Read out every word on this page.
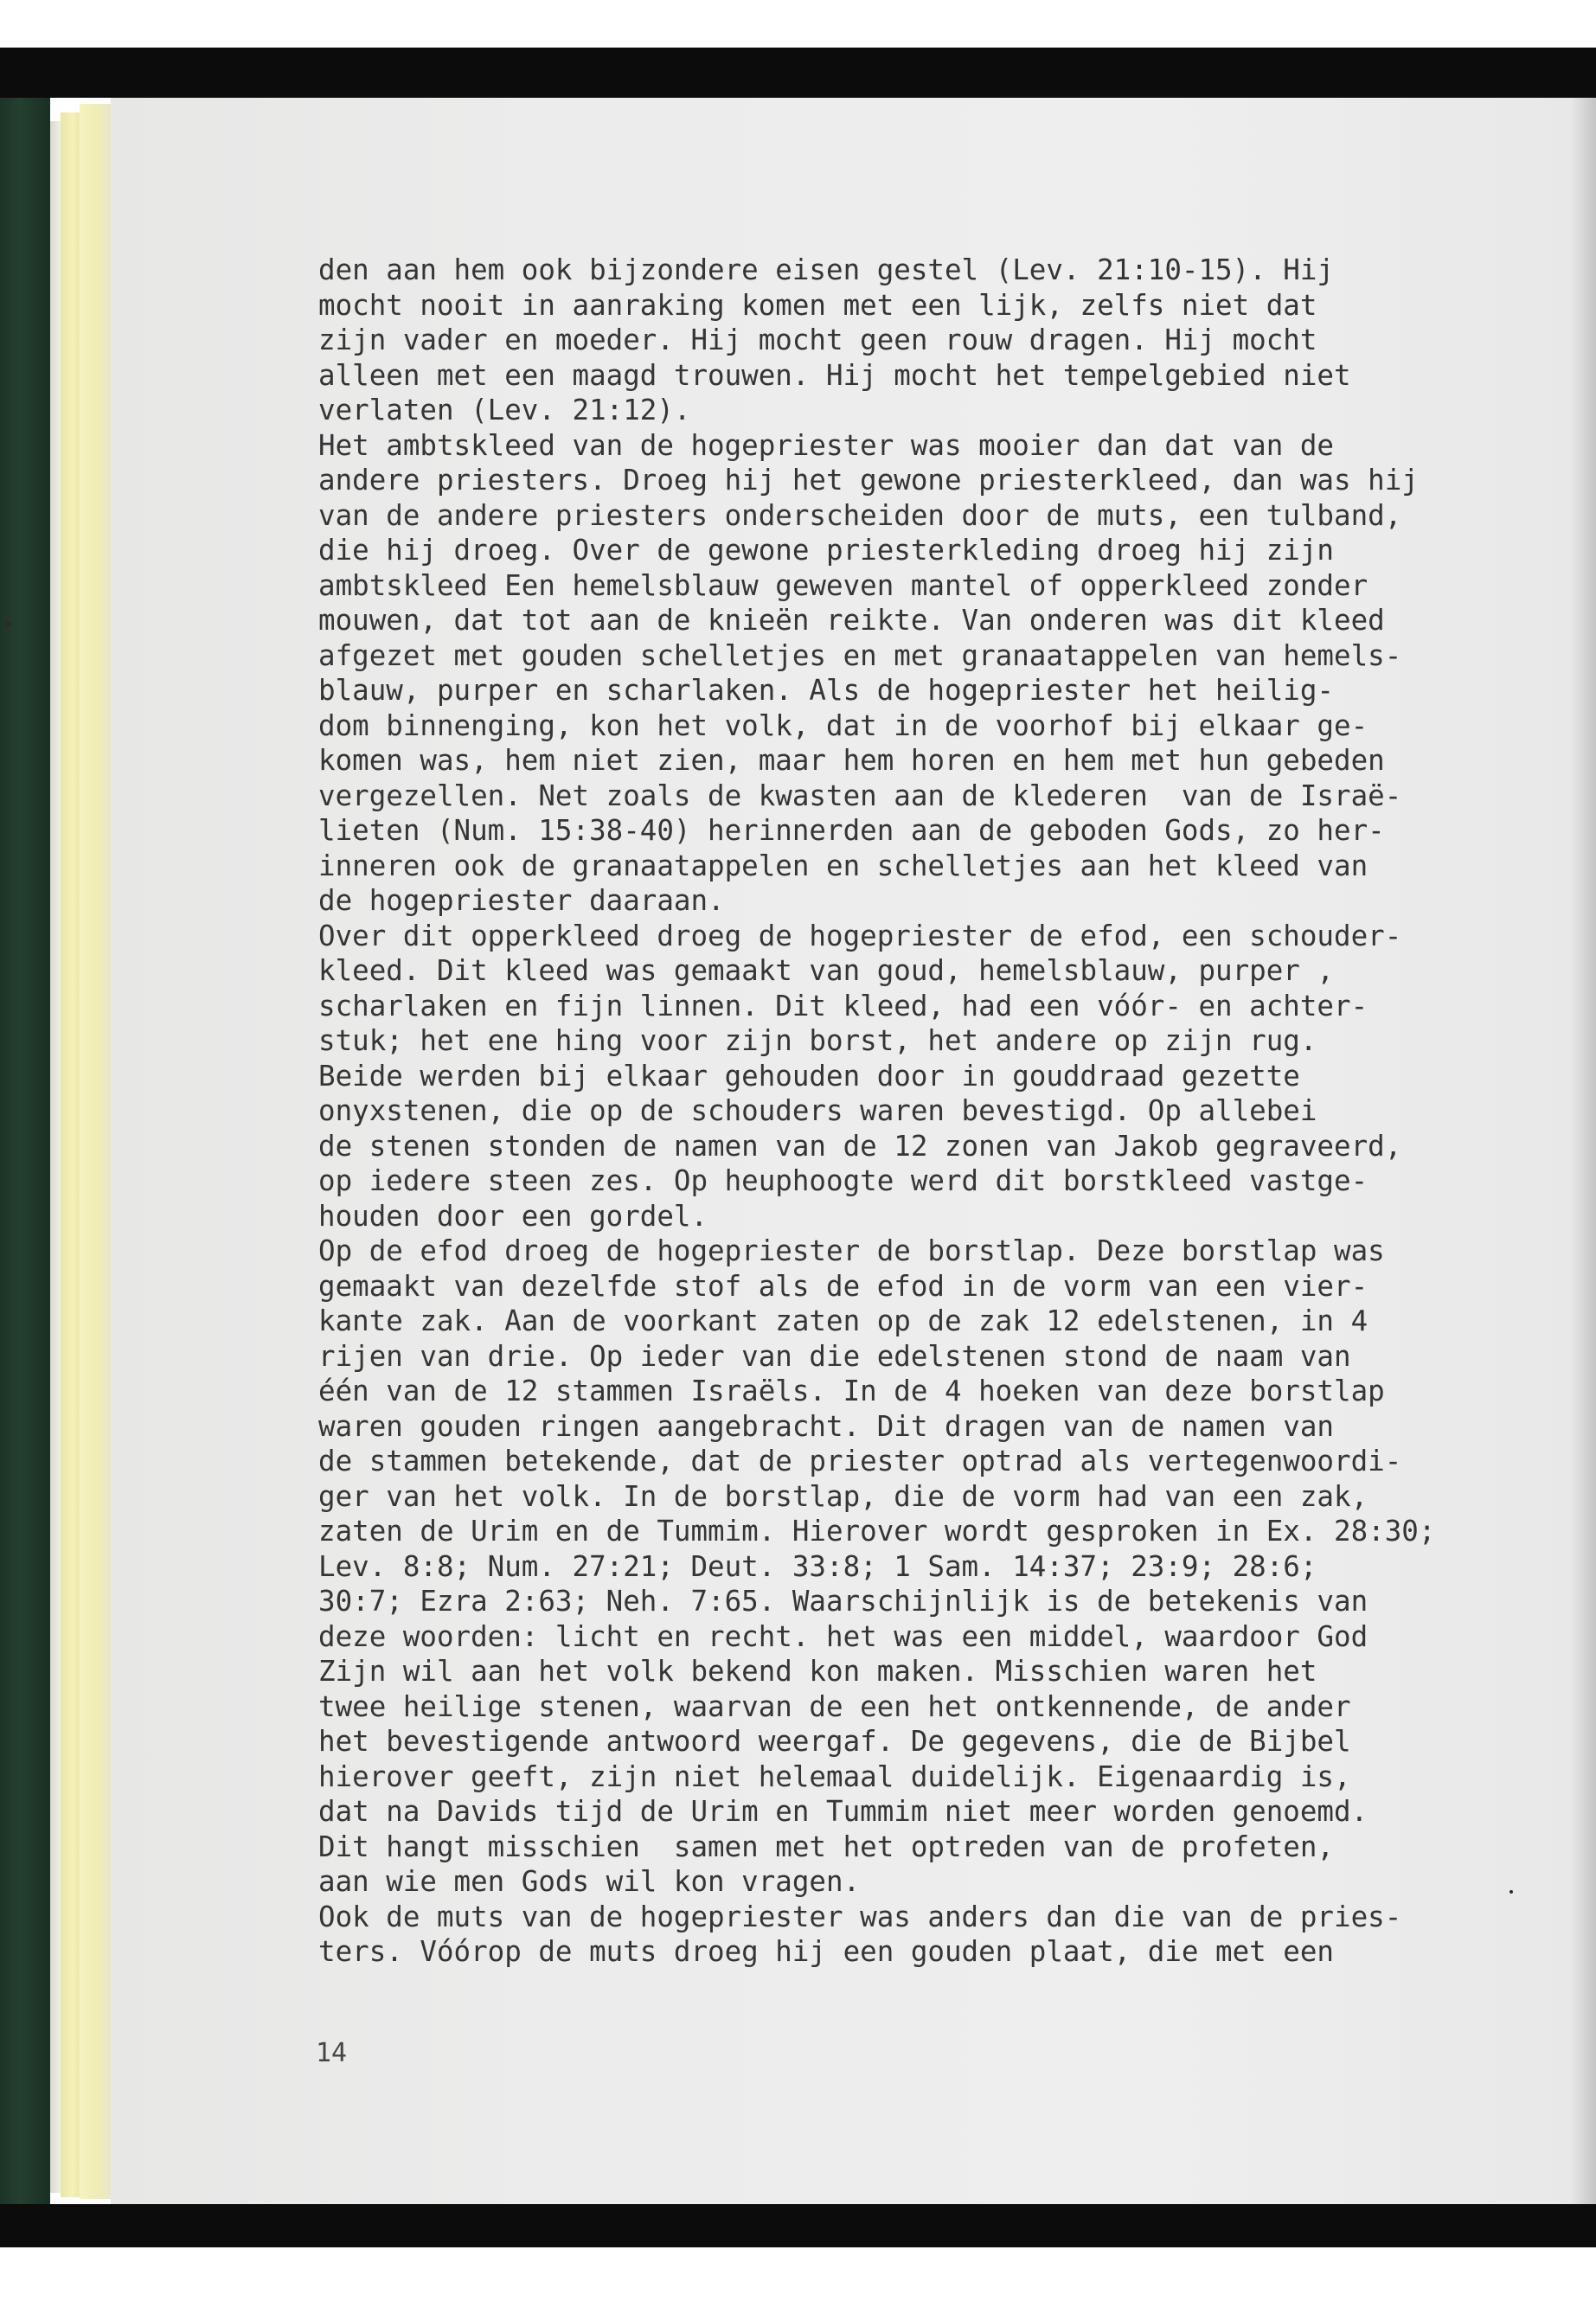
den aan hem ook bijzondere eisen gestel (Lev. 21:10-15). Hij
mocht nooit in aanraking komen met een lijk, zelfs niet dat
zijn vader en moeder. Hij mocht geen rouw dragen. Hij mocht
alleen met een maagd trouwen. Hij mocht het tempelgebied niet
verlaten (Lev. 21:12).
Het ambtskleed van de hogepriester was mooier dan dat van de
andere priesters. Droeg hij het gewone priesterkleed, dan was hij
van de andere priesters onderscheiden door de muts, een tulband,
die hij droeg. Over de gewone priesterkleding droeg hij zijn
ambtskleed Een hemelsblauw geweven mantel of opperkleed zonder
mouwen, dat tot aan de knieën reikte. Van onderen was dit kleed
afgezet met gouden schelletjes en met granaatappelen van hemels-
blauw, purper en scharlaken. Als de hogepriester het heilig-
dom binnenging, kon het volk, dat in de voorhof bij elkaar ge-
komen was, hem niet zien, maar hem horen en hem met hun gebeden
vergezellen. Net zoals de kwasten aan de klederen  van de Israë-
lieten (Num. 15:38-40) herinnerden aan de geboden Gods, zo her-
inneren ook de granaatappelen en schelletjes aan het kleed van
de hogepriester daaraan.
Over dit opperkleed droeg de hogepriester de efod, een schouder-
kleed. Dit kleed was gemaakt van goud, hemelsblauw, purper ,
scharlaken en fijn linnen. Dit kleed, had een vóór- en achter-
stuk; het ene hing voor zijn borst, het andere op zijn rug.
Beide werden bij elkaar gehouden door in gouddraad gezette
onyxstenen, die op de schouders waren bevestigd. Op allebei
de stenen stonden de namen van de 12 zonen van Jakob gegraveerd,
op iedere steen zes. Op heuphoogte werd dit borstkleed vastge-
houden door een gordel.
Op de efod droeg de hogepriester de borstlap. Deze borstlap was
gemaakt van dezelfde stof als de efod in de vorm van een vier-
kante zak. Aan de voorkant zaten op de zak 12 edelstenen, in 4
rijen van drie. Op ieder van die edelstenen stond de naam van
één van de 12 stammen Israëls. In de 4 hoeken van deze borstlap
waren gouden ringen aangebracht. Dit dragen van de namen van
de stammen betekende, dat de priester optrad als vertegenwoordi-
ger van het volk. In de borstlap, die de vorm had van een zak,
zaten de Urim en de Tummim. Hierover wordt gesproken in Ex. 28:30;
Lev. 8:8; Num. 27:21; Deut. 33:8; 1 Sam. 14:37; 23:9; 28:6;
30:7; Ezra 2:63; Neh. 7:65. Waarschijnlijk is de betekenis van
deze woorden: licht en recht. het was een middel, waardoor God
Zijn wil aan het volk bekend kon maken. Misschien waren het
twee heilige stenen, waarvan de een het ontkennende, de ander
het bevestigende antwoord weergaf. De gegevens, die de Bijbel
hierover geeft, zijn niet helemaal duidelijk. Eigenaardig is,
dat na Davids tijd de Urim en Tummim niet meer worden genoemd.
Dit hangt misschien  samen met het optreden van de profeten,
aan wie men Gods wil kon vragen.
Ook de muts van de hogepriester was anders dan die van de pries-
ters. Vóórop de muts droeg hij een gouden plaat, die met een

14
